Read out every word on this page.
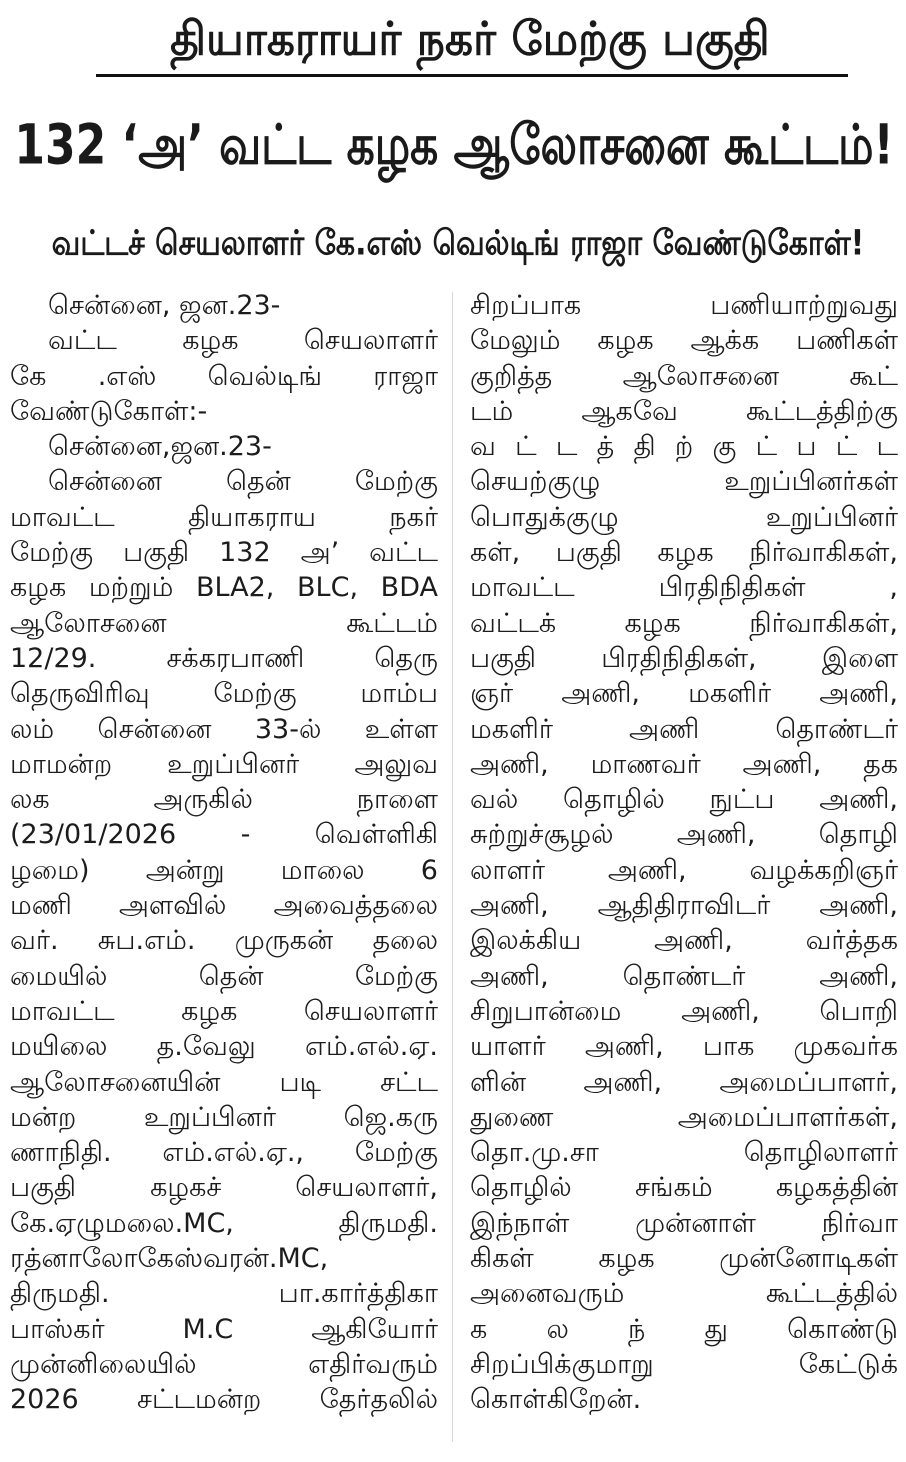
தியாகராயர் நகர் மேற்கு பகுதி
132 ‘அ’ வட்ட கழக ஆலோசனை கூட்டம்!
வட்டச் செயலாளர் கே.எஸ் வெல்டிங் ராஜா வேண்டுகோள்!
சென்னை, ஜன.23-
வட்ட கழக செயலாளர்
கே .எஸ் வெல்டிங் ராஜா
வேண்டுகோள்:-
சென்னை,ஜன.23-
சென்னை தென் மேற்கு
மாவட்ட தியாகராய நகர்
மேற்கு பகுதி 132 அ’ வட்ட
கழக மற்றும் BLA2, BLC, BDA
ஆலோசனை கூட்டம்
12/29. சக்கரபாணி தெரு
தெருவிரிவு மேற்கு மாம்ப
லம் சென்னை 33-ல் உள்ள
மாமன்ற உறுப்பினர் அலுவ
லக அருகில் நாளை
(23/01/2026 - வெள்ளிகி
ழமை) அன்று மாலை 6
மணி அளவில் அவைத்தலை
வர். சுப.எம். முருகன் தலை
மையில் தென் மேற்கு
மாவட்ட கழக செயலாளர்
மயிலை த.வேலு எம்.எல்.ஏ.
ஆலோசனையின் படி சட்ட
மன்ற உறுப்பினர் ஜெ.கரு
ணாநிதி. எம்.எல்.ஏ., மேற்கு
பகுதி கழகச் செயலாளர்,
கே.ஏழுமலை.MC, திருமதி.
ரத்னாலோகேஸ்வரன்.MC,
திருமதி. பா.கார்த்திகா
பாஸ்கர் M.C ஆகியோர்
முன்னிலையில் எதிர்வரும்
2026 சட்டமன்ற தேர்தலில்
சிறப்பாக பணியாற்றுவது
மேலும் கழக ஆக்க பணிகள்
குறித்த ஆலோசனை கூட்
டம் ஆகவே கூட்டத்திற்கு
வ ட் ட த் தி ற் கு ட் ப ட் ட
செயற்குழு உறுப்பினர்கள்
பொதுக்குழு உறுப்பினர்
கள், பகுதி கழக நிர்வாகிகள்,
மாவட்ட பிரதிநிதிகள் ,
வட்டக் கழக நிர்வாகிகள்,
பகுதி பிரதிநிதிகள், இளை
ஞர் அணி, மகளிர் அணி,
மகளிர் அணி தொண்டர்
அணி, மாணவர் அணி, தக
வல் தொழில் நுட்ப அணி,
சுற்றுச்சூழல் அணி, தொழி
லாளர் அணி, வழக்கறிஞர்
அணி, ஆதிதிராவிடர் அணி,
இலக்கிய அணி, வர்த்தக
அணி, தொண்டர் அணி,
சிறுபான்மை அணி, பொறி
யாளர் அணி, பாக முகவர்க
ளின் அணி, அமைப்பாளர்,
துணை அமைப்பாளர்கள்,
தொ.மு.சா தொழிலாளர்
தொழில் சங்கம் கழகத்தின்
இந்நாள் முன்னாள் நிர்வா
கிகள் கழக முன்னோடிகள்
அனைவரும் கூட்டத்தில்
க ல ந் து கொண்டு
சிறப்பிக்குமாறு கேட்டுக்
கொள்கிறேன்.
